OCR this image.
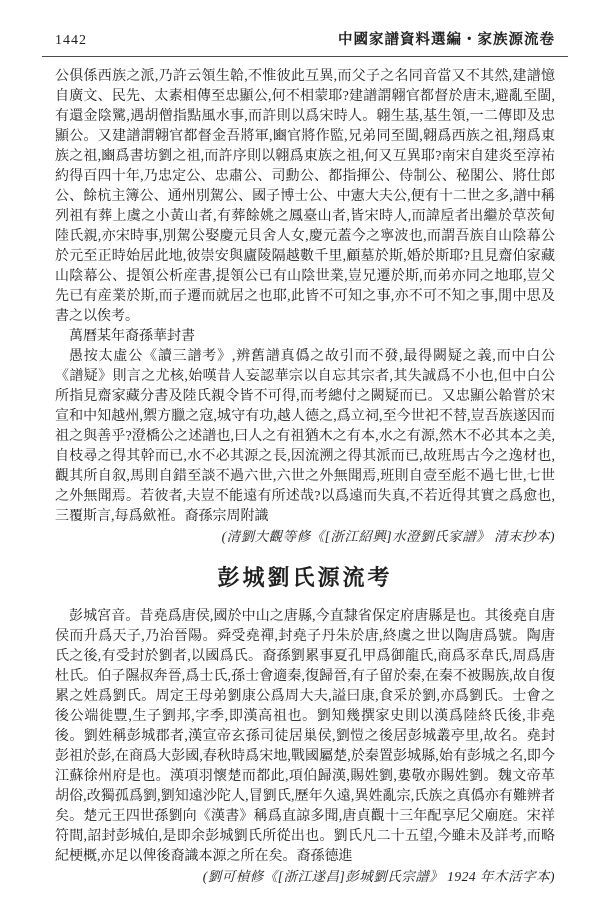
1442	中國家譜資料選編・家族源流卷

公俱係西族之派,乃許云領生韐,不惟彼此互異,而父子之名同音當又不其然,建譜憶自廣文、民先、太素相傳至忠顯公,何不相蒙耶?建譜謂翺官都督於唐末,避亂至閩,有還金陰騭,遇胡僧指點風水事,而許則以爲宋時人。翺生基,基生領,一二傳即及忠顯公。又建譜謂翺官都督金吾將軍,豳官將作監,兄弟同至閩,翺爲西族之祖,翔爲東族之祖,豳爲書坊劉之祖,而許序則以翺爲東族之祖,何又互異耶?南宋自建炎至淳祐約得百四十年,乃忠定公、忠肅公、司勳公、都指揮公、侍制公、秘閣公、將仕郎公、餘杭主簿公、通州別駕公、國子博士公、中憲大夫公,便有十二世之多,譜中稱列祖有葬上虞之小黃山者,有葬餘姚之鳳臺山者,皆宋時人,而諱垕者出繼於草茨甸陸氏親,亦宋時事,別駕公娶慶元貝舍人女,慶元蓋今之寧波也,而謂吾族自山陰幕公於元至正時始居此地,彼崇安與廬陵隔越數千里,顧墓於斯,婚於斯耶?且見齋伯家藏山陰幕公、提領公析産書,提領公已有山陰世業,豈兄遷於斯,而弟亦同之地耶,豈父先已有産業於斯,而子遷而就居之也耶,此皆不可知之事,亦不可不知之事,閒中思及書之以俟考。

萬曆某年裔孫華封書

愚按太虛公《讀三譜考》,辨舊譜真僞之故引而不發,最得闕疑之義,而中白公《譜疑》則言之尤核,始嘆昔人妄認華宗以自忘其宗者,其失誠爲不小也,但中白公所指見齋家藏分書及陸氏親令皆不可得,而考總付之闕疑而已。又忠顯公韐嘗於宋宣和中知越州,禦方臘之寇,城守有功,越人德之,爲立祠,至今世祀不替,豈吾族遂因而祖之與善乎?澄橋公之述譜也,曰人之有祖猶木之有本,水之有源,然木不必其本之美,自枝尋之得其幹而已,水不必其源之長,因流溯之得其派而已,故班馬古今之逸材也,觀其所自叙,馬則自錯至談不過六世,六世之外無聞焉,班則自壹至彪不過七世,七世之外無聞焉。若彼者,夫豈不能遠有所述哉?以爲遠而失真,不若近得其實之爲愈也,三覆斯言,每爲歛袵。裔孫宗周附識

(清劉大觀等修《[浙江紹興]水澄劉氏家譜》 清末抄本)

彭城劉氏源流考

彭城宮音。昔堯爲唐侯,國於中山之唐縣,今直隸省保定府唐縣是也。其後堯自唐侯而升爲天子,乃治晉陽。舜受堯禪,封堯子丹朱於唐,終虞之世以陶唐爲號。陶唐氏之後,有受封於劉者,以國爲氏。裔孫劉累事夏孔甲爲御龍氏,商爲豕韋氏,周爲唐杜氏。伯子隰叔奔晉,爲士氏,孫士會適秦,復歸晉,有子留於秦,在秦不被賜族,故自復累之姓爲劉氏。周定王母弟劉康公爲周大夫,謚曰康,食采於劉,亦爲劉氏。士會之後公端徙豐,生子劉邦,字季,即漢高祖也。劉知幾撰家史則以漢爲陸終氏後,非堯後。劉姓稱彭城郡者,漢宣帝玄孫司徒居巢侯,劉愷之後居彭城叢亭里,故名。堯封彭祖於彭,在商爲大彭國,春秋時爲宋地,戰國屬楚,於秦置彭城縣,始有彭城之名,即今江蘇徐州府是也。漢項羽懷楚而都此,項伯歸漢,賜姓劉,婁敬亦賜姓劉。魏文帝革胡俗,改獨孤爲劉,劉知遠沙陀人,冒劉氏,歷年久遠,異姓亂宗,氏族之真僞亦有難辨者矣。楚元王四世孫劉向《漢書》稱爲直諒多聞,唐貞觀十三年配享尼父廟庭。宋祥符間,詔封彭城伯,是即余彭城劉氏所從出也。劉氏凡二十五望,今雖未及詳考,而略紀梗概,亦足以俾後裔識本源之所在矣。裔孫德進

(劉可楨修《[浙江遂昌]彭城劉氏宗譜》 1924 年木活字本)
